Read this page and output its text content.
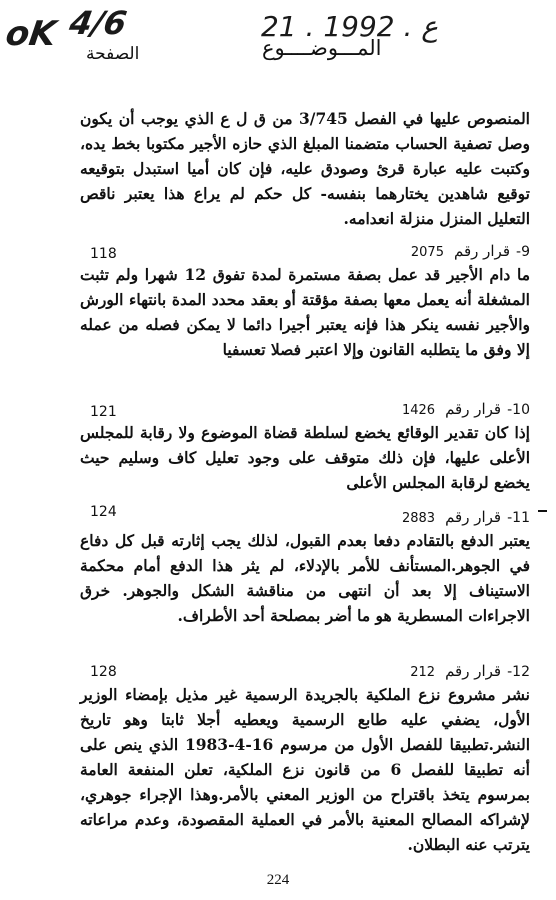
oK 4/6	21 . ع . 1992
الصفحة	المـــوضــــوع
المنصوص عليها في الفصل 3/745 من ق ل ع الذي يوجب أن يكون وصل تصفية الحساب متضمنا المبلغ الذي حازه الأجير مكتوبا بخط يده، وكتبت عليه عبارة قرئ وصودق عليه، فإن كان أميا استبدل بتوقيعه توقيع شاهدين يختارهما بنفسه- كل حكم لم يراع هذا يعتبر ناقص التعليل المنزل منزلة انعدامه.
118	9-قرار رقم2075
ما دام الأجير قد عمل بصفة مستمرة لمدة تفوق 12 شهرا ولم تثبت المشغلة أنه يعمل معها بصفة مؤقتة أو بعقد محدد المدة بانتهاء الورش والأجير نفسه ينكر هذا فإنه يعتبر أجيرا دائما لا يمكن فصله من عمله إلا وفق ما يتطلبه القانون وإلا اعتبر فصلا تعسفيا
121	10-قرار رقم1426
إذا كان تقدير الوقائع يخضع لسلطة قضاة الموضوع ولا رقابة للمجلس الأعلى عليها، فإن ذلك متوقف على وجود تعليل كاف وسليم حيث يخضع لرقابة المجلس الأعلى
124	11-قرار رقم2883
يعتبر الدفع بالتقادم دفعا بعدم القبول، لذلك يجب إثارته قبل كل دفاع في الجوهر.المستأنف للأمر بالإدلاء، لم يثر هذا الدفع أمام محكمة الاستيناف إلا بعد أن انتهى من مناقشة الشكل والجوهر. خرق الاجراءات المسطرية هو ما أضر بمصلحة أحد الأطراف.
128	12-قرار رقم212
نشر مشروع نزع الملكية بالجريدة الرسمية غير مذيل بإمضاء الوزير الأول، يضفي عليه طابع الرسمية ويعطيه أجلا ثابتا وهو تاريخ النشر.تطبيقا للفصل الأول من مرسوم 16-4-1983 الذي ينص على أنه تطبيقا للفصل 6 من قانون نزع الملكية، تعلن المنفعة العامة بمرسوم يتخذ باقتراح من الوزير المعني بالأمر.وهذا الإجراء جوهري، لإشراكه المصالح المعنية بالأمر في العملية المقصودة، وعدم مراعاته يترتب عنه البطلان.
224
